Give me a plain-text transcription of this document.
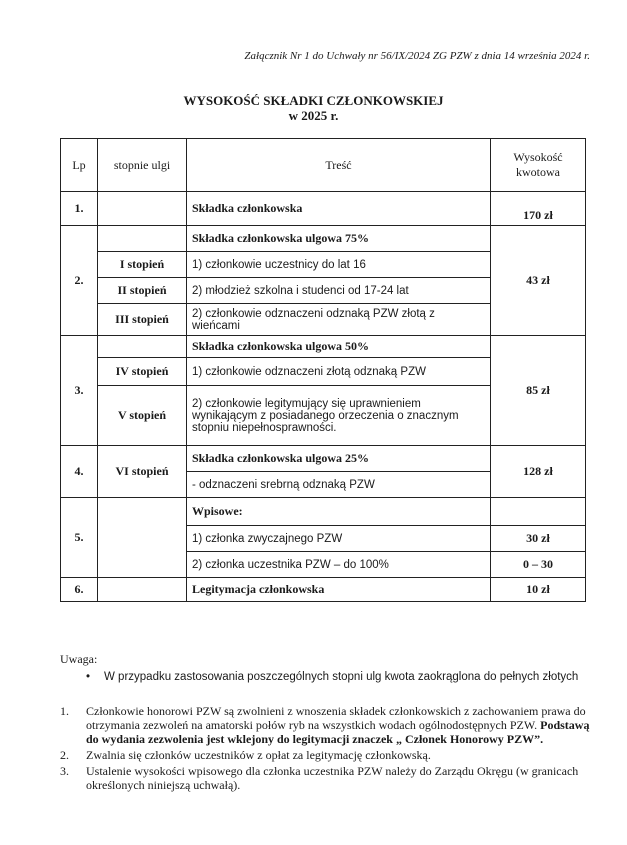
Załącznik Nr 1 do Uchwały nr 56/IX/2024 ZG PZW z dnia 14 września 2024 r.
WYSOKOŚĆ SKŁADKI CZŁONKOWSKIEJ
w 2025 r.
Lp	stopnie ulgi	Treść	Wysokość kwotowa
1.		Składka członkowska	170 zł
2.		Składka członkowska ulgowa 75%	43 zł
	I stopień	1) członkowie uczestnicy do lat 16	
	II stopień	2) młodzież szkolna i studenci od 17-24 lat	
	III stopień	2) członkowie odznaczeni odznaką PZW złotą z wieńcami	
3.		Składka członkowska ulgowa 50%	85 zł
	IV stopień	1) członkowie odznaczeni złotą odznaką PZW	
	V stopień	2) członkowie legitymujący się uprawnieniem wynikającym z posiadanego orzeczenia o znacznym stopniu niepełnosprawności.	
4.	VI stopień	Składka członkowska ulgowa 25%	128 zł
		- odznaczeni srebrną odznaką PZW	
5.		Wpisowe:	
		1) członka zwyczajnego PZW	30 zł
		2) członka uczestnika PZW – do 100%	0 – 30
6.		Legitymacja członkowska	10 zł
Uwaga:
• W przypadku zastosowania poszczególnych stopni ulg kwota zaokrąglona do pełnych złotych
1. Członkowie honorowi PZW są zwolnieni z wnoszenia składek członkowskich z zachowaniem prawa do otrzymania zezwoleń na amatorski połów ryb na wszystkich wodach ogólnodostępnych PZW. Podstawą do wydania zezwolenia jest wklejony do legitymacji znaczek „ Członek Honorowy PZW”.
2. Zwalnia się członków uczestników z opłat za legitymację członkowską.
3. Ustalenie wysokości wpisowego dla członka uczestnika PZW należy do Zarządu Okręgu (w granicach określonych niniejszą uchwałą).
